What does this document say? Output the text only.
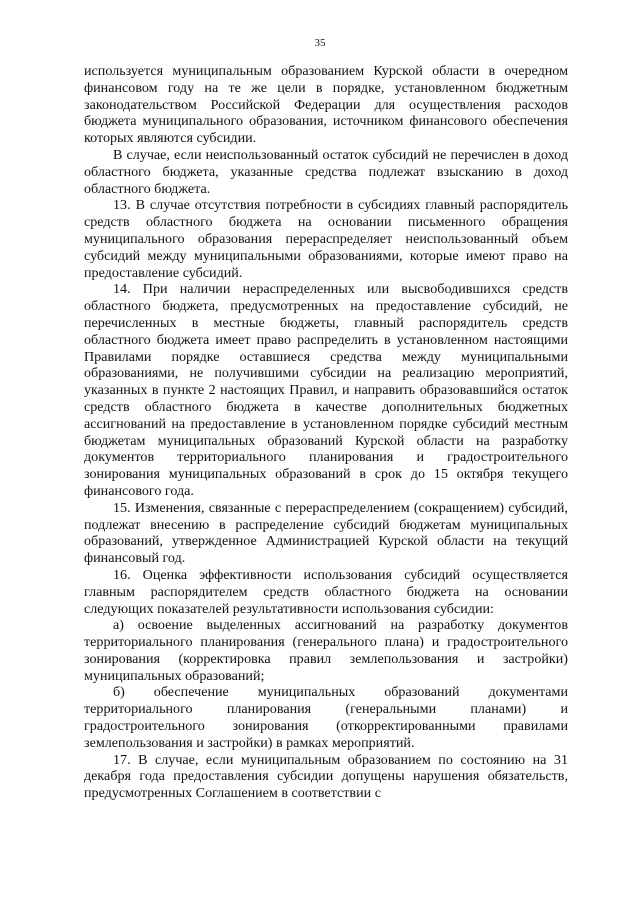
35

используется муниципальным образованием Курской области в очередном финансовом году на те же цели в порядке, установленном бюджетным законодательством Российской Федерации для осуществления расходов бюджета муниципального образования, источником финансового обеспечения которых являются субсидии.

В случае, если неиспользованный остаток субсидий не перечислен в доход областного бюджета, указанные средства подлежат взысканию в доход областного бюджета.

13. В случае отсутствия потребности в субсидиях главный распорядитель средств областного бюджета на основании письменного обращения муниципального образования перераспределяет неиспользованный объем субсидий между муниципальными образованиями, которые имеют право на предоставление субсидий.

14. При наличии нераспределенных или высвободившихся средств областного бюджета, предусмотренных на предоставление субсидий, не перечисленных в местные бюджеты, главный распорядитель средств областного бюджета имеет право распределить в установленном настоящими Правилами порядке оставшиеся средства между муниципальными образованиями, не получившими субсидии на реализацию мероприятий, указанных в пункте 2 настоящих Правил, и направить образовавшийся остаток средств областного бюджета в качестве дополнительных бюджетных ассигнований на предоставление в установленном порядке субсидий местным бюджетам муниципальных образований Курской области на разработку документов территориального планирования и градостроительного зонирования муниципальных образований в срок до 15 октября текущего финансового года.

15. Изменения, связанные с перераспределением (сокращением) субсидий, подлежат внесению в распределение субсидий бюджетам муниципальных образований, утвержденное Администрацией Курской области на текущий финансовый год.

16. Оценка эффективности использования субсидий осуществляется главным распорядителем средств областного бюджета на основании следующих показателей результативности использования субсидии:

а) освоение выделенных ассигнований на разработку документов территориального планирования (генерального плана) и градостроительного зонирования (корректировка правил землепользования и застройки) муниципальных образований;

б) обеспечение муниципальных образований документами территориального планирования (генеральными планами) и градостроительного зонирования (откорректированными правилами землепользования и застройки) в рамках мероприятий.

17. В случае, если муниципальным образованием по состоянию на 31 декабря года предоставления субсидии допущены нарушения обязательств, предусмотренных Соглашением в соответствии с
